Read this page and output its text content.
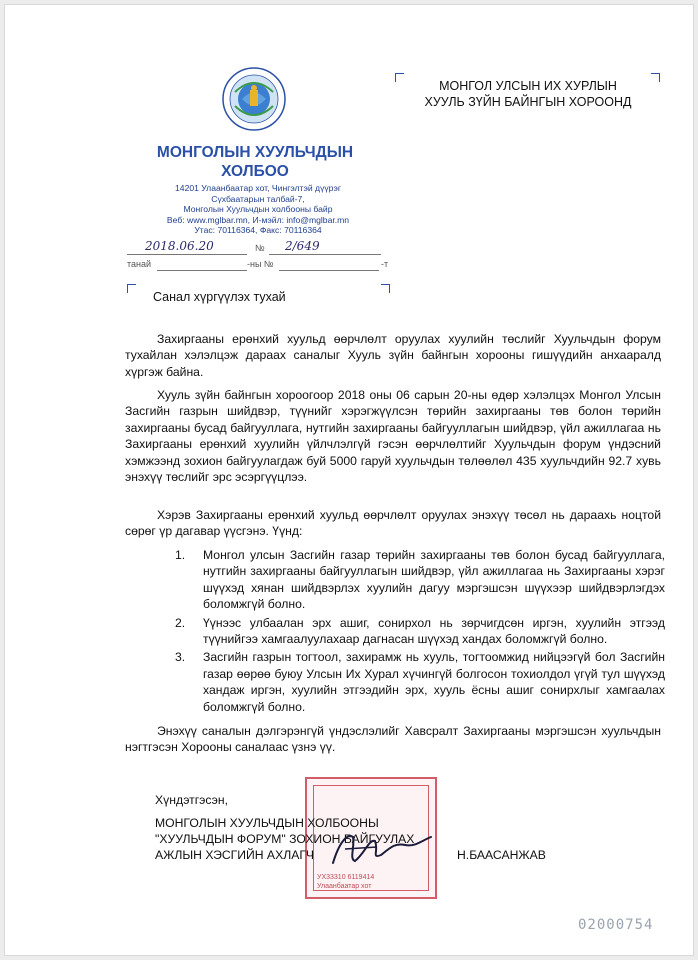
МОНГОЛЫН ХУУЛЬЧДЫН
ХОЛБОО
14201 Улаанбаатар хот, Чингэлтэй дүүрэг
Сүхбаатарын талбай-7,
Монголын Хуульчдын холбооны байр
Веб: www.mglbar.mn, И-мэйл: info@mglbar.mn
Утас: 70116364, Факс: 70116364
МОНГОЛ УЛСЫН ИХ ХУРЛЫН
ХУУЛЬ ЗҮЙН БАЙНГЫН ХОРООНД
2018.06.20	№ 2/649
танай	-ны №	-т
Санал хүргүүлэх тухай
Захиргааны ерөнхий хуульд өөрчлөлт оруулах хуулийн төслийг Хуульчдын форум тухайлан хэлэлцэж дараах саналыг Хууль зүйн байнгын хорооны гишүүдийн анхааралд хүргэж байна.
Хууль зүйн байнгын хороогоор 2018 оны 06 сарын 20-ны өдөр хэлэлцэх Монгол Улсын Засгийн газрын шийдвэр, түүнийг хэрэгжүүлсэн төрийн захиргааны төв болон төрийн захиргааны бусад байгууллага, нутгийн захиргааны байгууллагын шийдвэр, үйл ажиллагаа нь Захиргааны ерөнхий хуулийн үйлчлэлгүй гэсэн өөрчлөлтийг Хуульчдын форум үндэсний хэмжээнд зохион байгуулагдаж буй 5000 гаруй хуульчдын төлөөлөл 435 хуульчдийн 92.7 хувь энэхүү төслийг эрс эсэргүүцлээ.
Хэрэв Захиргааны ерөнхий хуульд өөрчлөлт оруулах энэхүү төсөл нь дараахь ноцтой сөрөг үр дагавар үүсгэнэ. Үүнд:
1. Монгол улсын Засгийн газар төрийн захиргааны төв болон бусад байгууллага, нутгийн захиргааны байгууллагын шийдвэр, үйл ажиллагаа нь Захиргааны хэрэг шүүхэд хянан шийдвэрлэх хуулийн дагуу мэргэшсэн шүүхээр шийдвэрлэгдэх боломжгүй болно.
2. Үүнээс улбаалан эрх ашиг, сонирхол нь зөрчигдсөн иргэн, хуулийн этгээд түүнийгээ хамгаалуулахаар дагнасан шүүхэд хандах боломжгүй болно.
3. Засгийн газрын тогтоол, захирамж нь хууль, тогтоомжид нийцээгүй бол Засгийн газар өөрөө буюу Улсын Их Хурал хүчингүй болгосон тохиолдол үгүй тул шүүхэд хандаж иргэн, хуулийн этгээдийн эрх, хууль ёсны ашиг сонирхлыг хамгаалах боломжгүй болно.
Энэхүү саналын дэлгэрэнгүй үндэслэлийг Хавсралт Захиргааны мэргэшсэн хуульчдын нэгтгэсэн Хорооны саналаас үзнэ үү.
УХ33310 6119414
Улаанбаатар хот
Хүндэтгэсэн,
МОНГОЛЫН ХУУЛЬЧДЫН ХОЛБООНЫ
"ХУУЛЬЧДЫН ФОРУМ" ЗОХИОН БАЙГУУЛАХ
АЖЛЫН ХЭСГИЙН АХЛАГЧ	Н.БААСАНЖАВ
02000754
